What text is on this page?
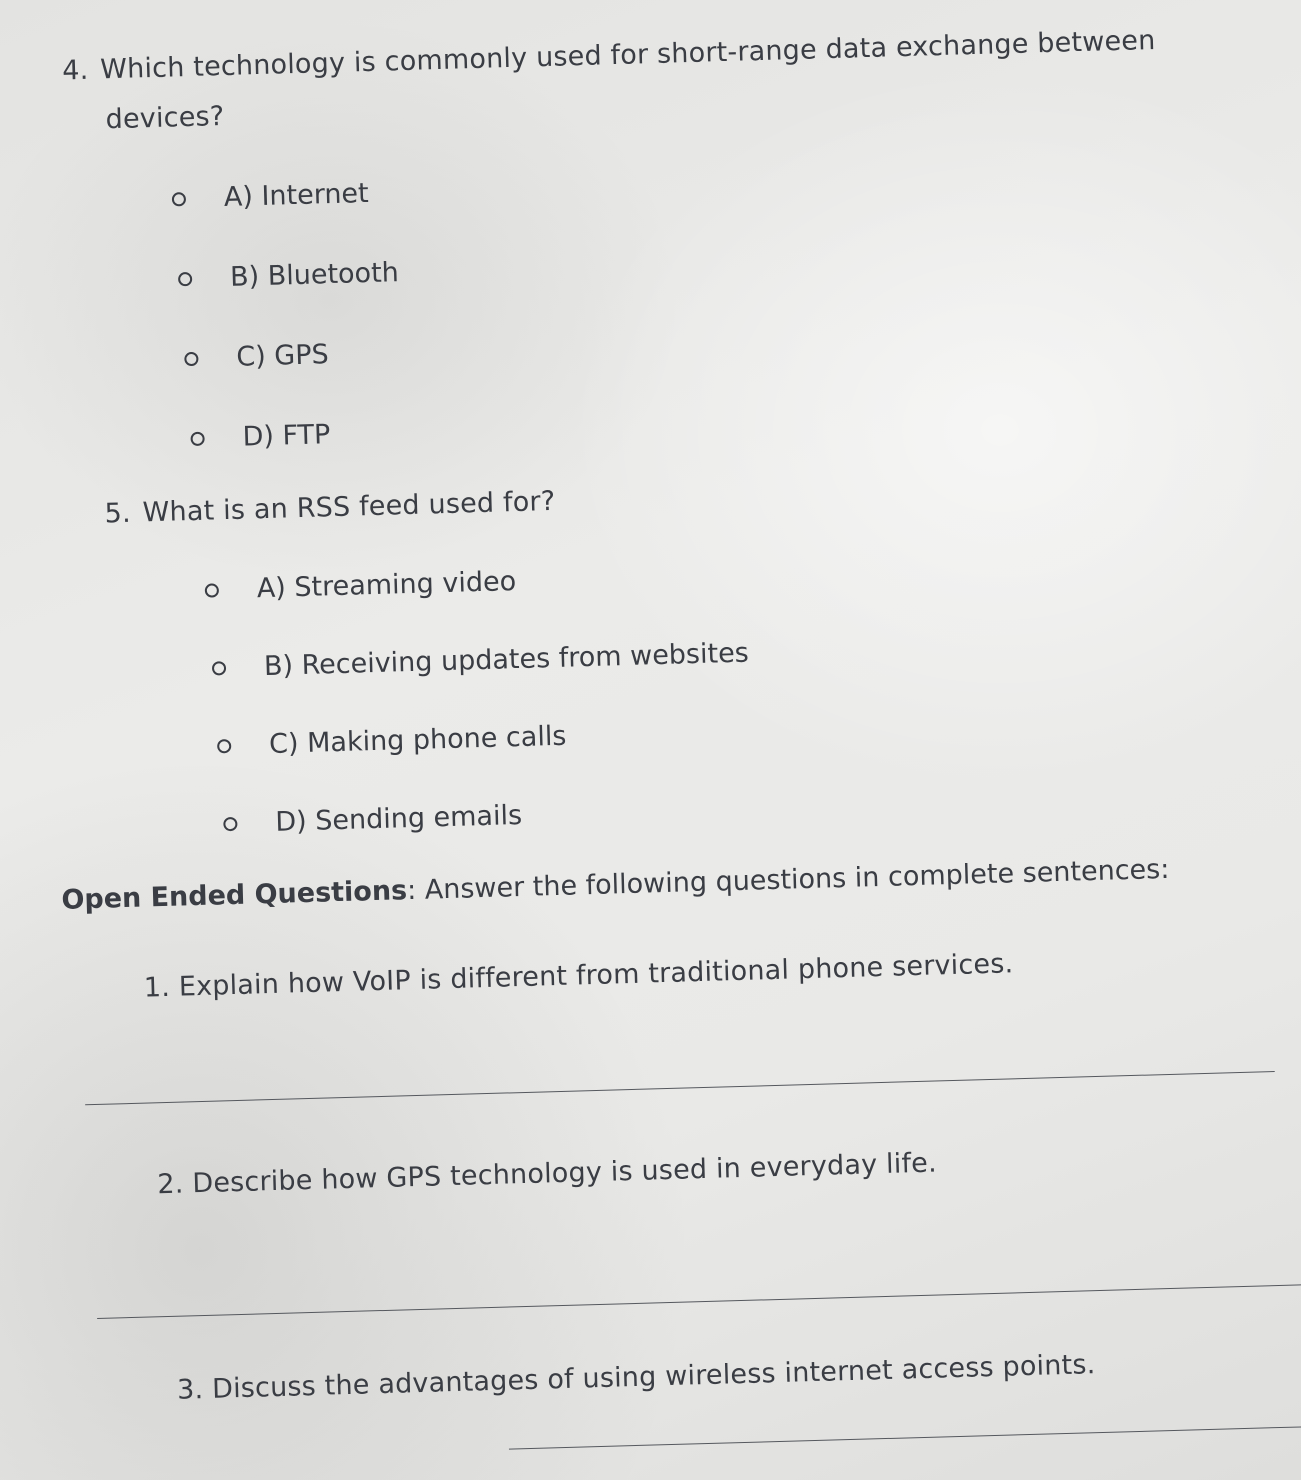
4. Which technology is commonly used for short-range data exchange between
devices?
A) Internet
B) Bluetooth
C) GPS
D) FTP
5. What is an RSS feed used for?
A) Streaming video
B) Receiving updates from websites
C) Making phone calls
D) Sending emails
Open Ended Questions: Answer the following questions in complete sentences:
1. Explain how VoIP is different from traditional phone services.
2. Describe how GPS technology is used in everyday life.
3. Discuss the advantages of using wireless internet access points.
